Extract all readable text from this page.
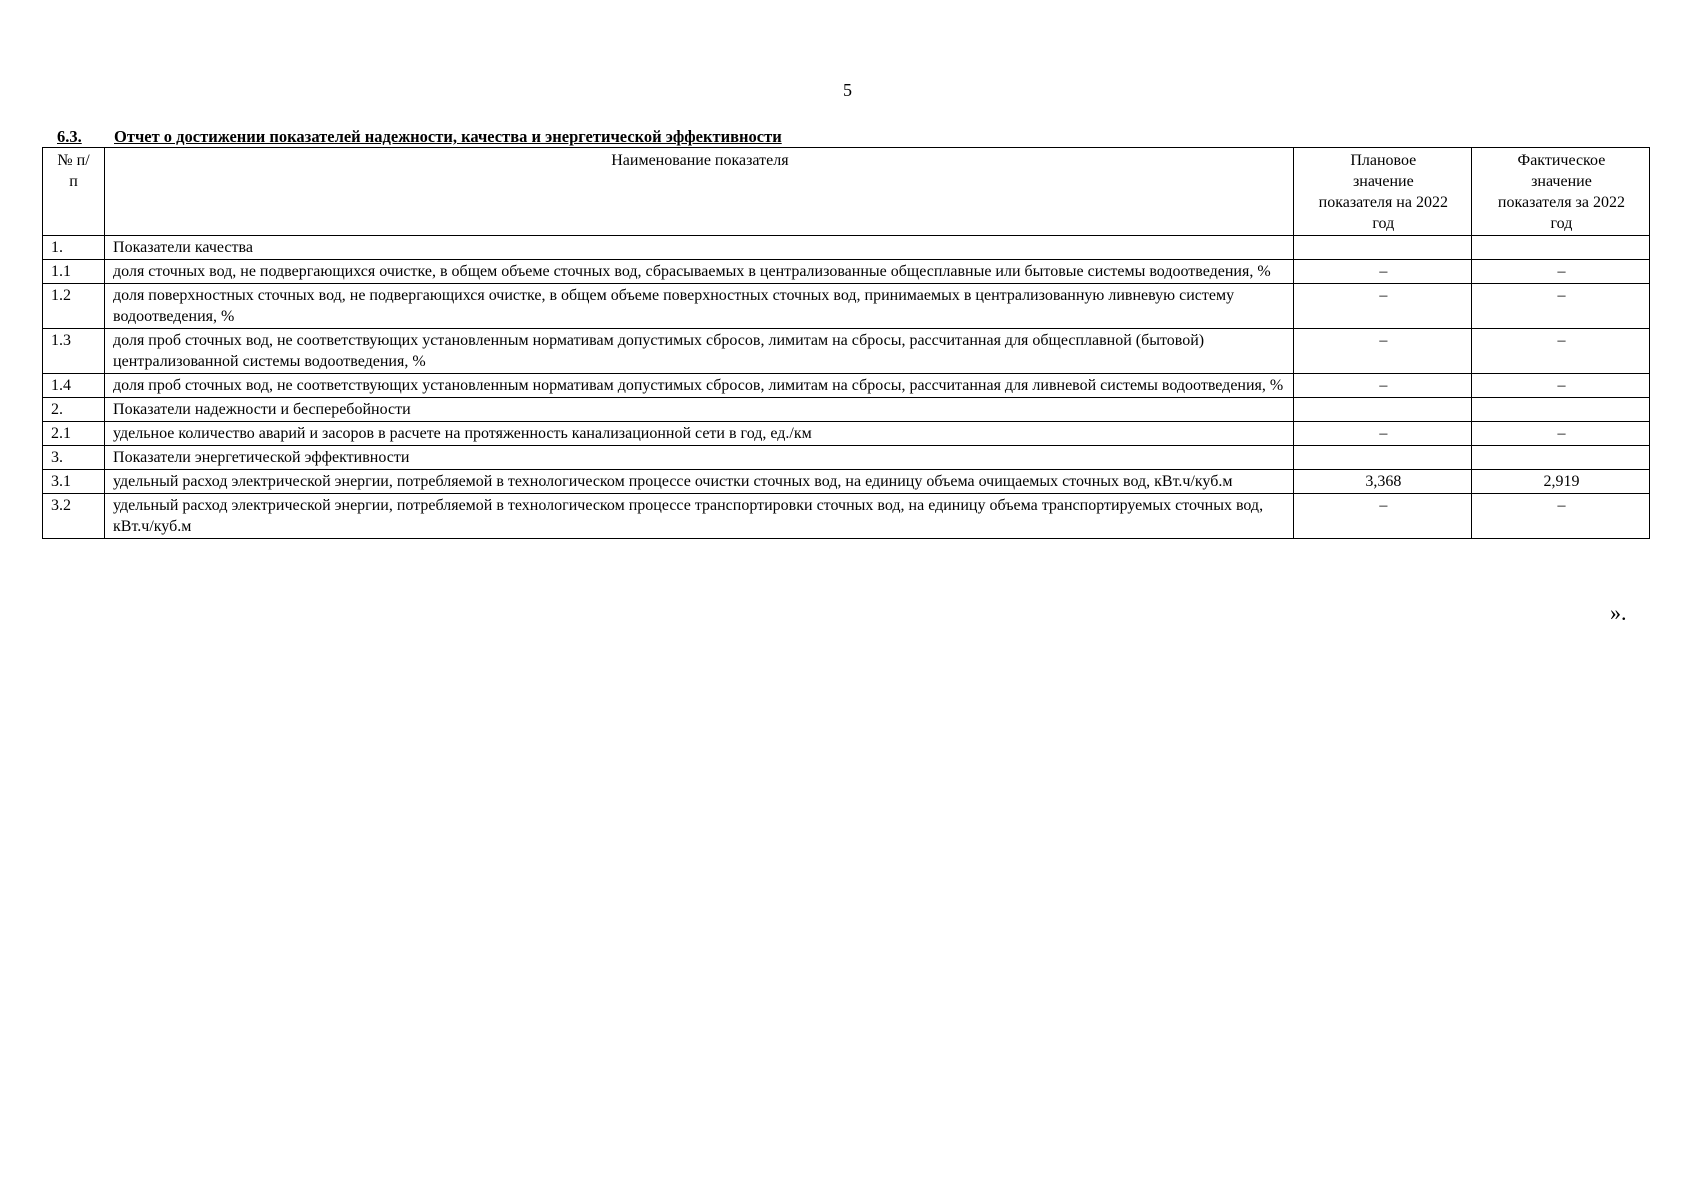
5
6.3. Отчет о достижении показателей надежности, качества и энергетической эффективности
№ п/п	Наименование показателя	Плановое значение показателя на 2022 год	Фактическое значение показателя за 2022 год

1.	Показатели качества		
1.1	доля сточных вод, не подвергающихся очистке, в общем объеме сточных вод, сбрасываемых в централизованные общесплавные или бытовые системы водоотведения, %	–	–
1.2	доля поверхностных сточных вод, не подвергающихся очистке, в общем объеме поверхностных сточных вод, принимаемых в централизованную ливневую систему водоотведения, %	–	–
1.3	доля проб сточных вод, не соответствующих установленным нормативам допустимых сбросов, лимитам на сбросы, рассчитанная для общесплавной (бытовой) централизованной системы водоотведения, %	–	–
1.4	доля проб сточных вод, не соответствующих установленным нормативам допустимых сбросов, лимитам на сбросы, рассчитанная для ливневой системы водоотведения, %	–	–
2.	Показатели надежности и бесперебойности		
2.1	удельное количество аварий и засоров в расчете на протяженность канализационной сети в год, ед./км	–	–
3.	Показатели энергетической эффективности		
3.1	удельный расход электрической энергии, потребляемой в технологическом процессе очистки сточных вод, на единицу объема очищаемых сточных вод, кВт.ч/куб.м	3,368	2,919
3.2	удельный расход электрической энергии, потребляемой в технологическом процессе транспортировки сточных вод, на единицу объема транспортируемых сточных вод, кВт.ч/куб.м	–	–
».
